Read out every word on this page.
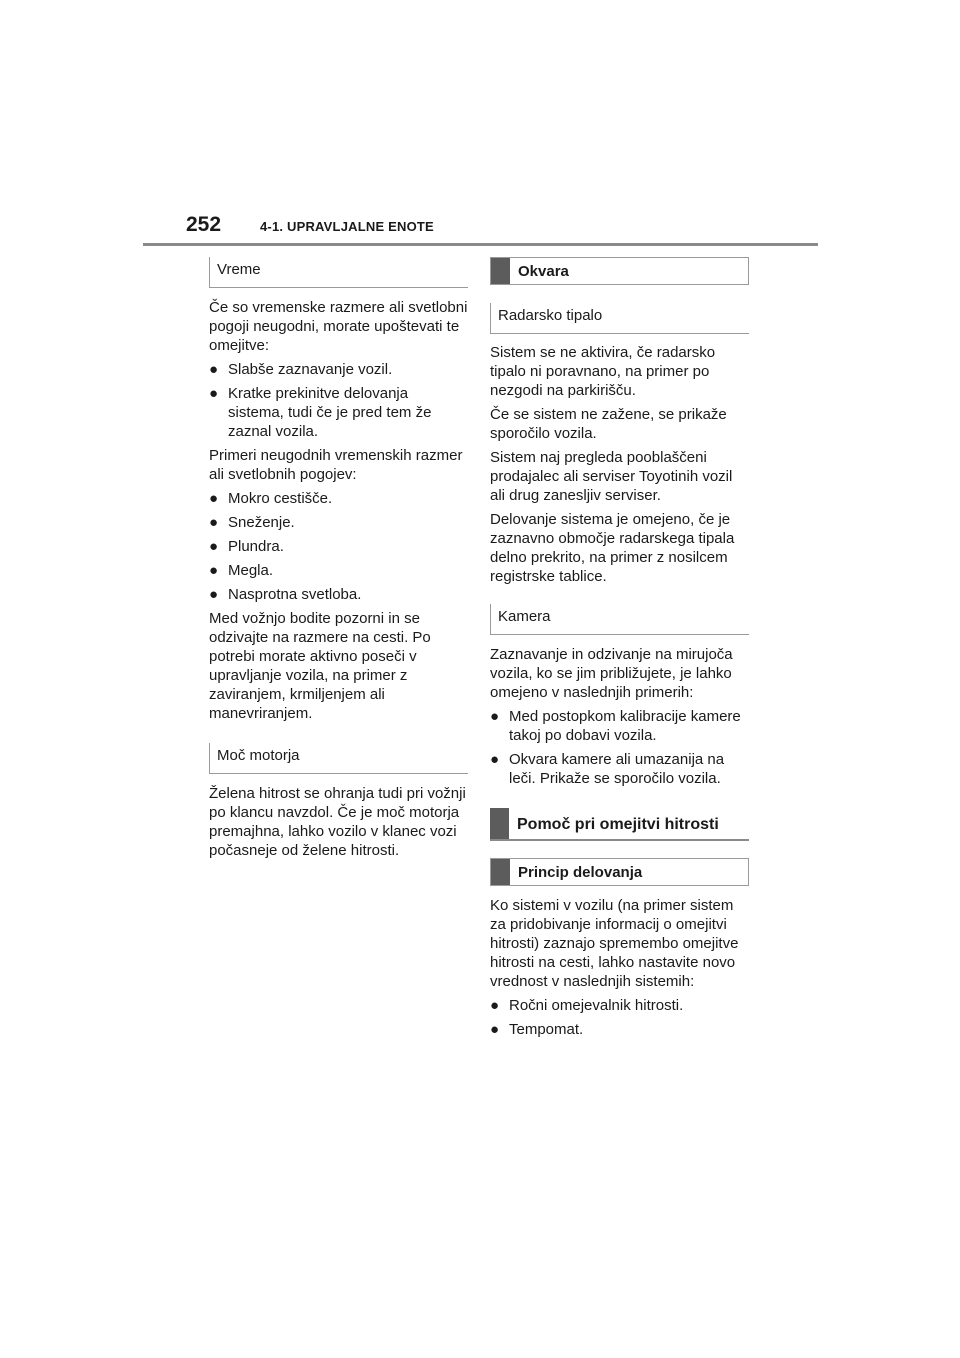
252	4-1. UPRAVLJALNE ENOTE
Vreme

Če so vremenske razmere ali svetlobni pogoji neugodni, morate upoštevati te omejitve:

● Slabše zaznavanje vozil.
● Kratke prekinitve delovanja sistema, tudi če je pred tem že zaznal vozila.

Primeri neugodnih vremenskih razmer ali svetlobnih pogojev:

● Mokro cestišče.
● Sneženje.
● Plundra.
● Megla.
● Nasprotna svetloba.

Med vožnjo bodite pozorni in se odzivajte na razmere na cesti. Po potrebi morate aktivno poseči v upravljanje vozila, na primer z zaviranjem, krmiljenjem ali manevriranjem.

Moč motorja

Želena hitrost se ohranja tudi pri vožnji po klancu navzdol. Če je moč motorja premajhna, lahko vozilo v klanec vozi počasneje od želene hitrosti.

Okvara
Radarsko tipalo

Sistem se ne aktivira, če radarsko tipalo ni poravnano, na primer po nezgodi na parkirišču.

Če se sistem ne zažene, se prikaže sporočilo vozila.

Sistem naj pregleda pooblaščeni prodajalec ali serviser Toyotinih vozil ali drug zanesljiv serviser.

Delovanje sistema je omejeno, če je zaznavno območje radarskega tipala delno prekrito, na primer z nosilcem registrske tablice.

Kamera

Zaznavanje in odzivanje na mirujoča vozila, ko se jim približujete, je lahko omejeno v naslednjih primerih:

● Med postopkom kalibracije kamere takoj po dobavi vozila.
● Okvara kamere ali umazanija na leči. Prikaže se sporočilo vozila.
Pomoč pri omejitvi hitrosti
Princip delovanja

Ko sistemi v vozilu (na primer sistem za pridobivanje informacij o omejitvi hitrosti) zaznajo spremembo omejitve hitrosti na cesti, lahko nastavite novo vrednost v naslednjih sistemih:

● Ročni omejevalnik hitrosti.
● Tempomat.
